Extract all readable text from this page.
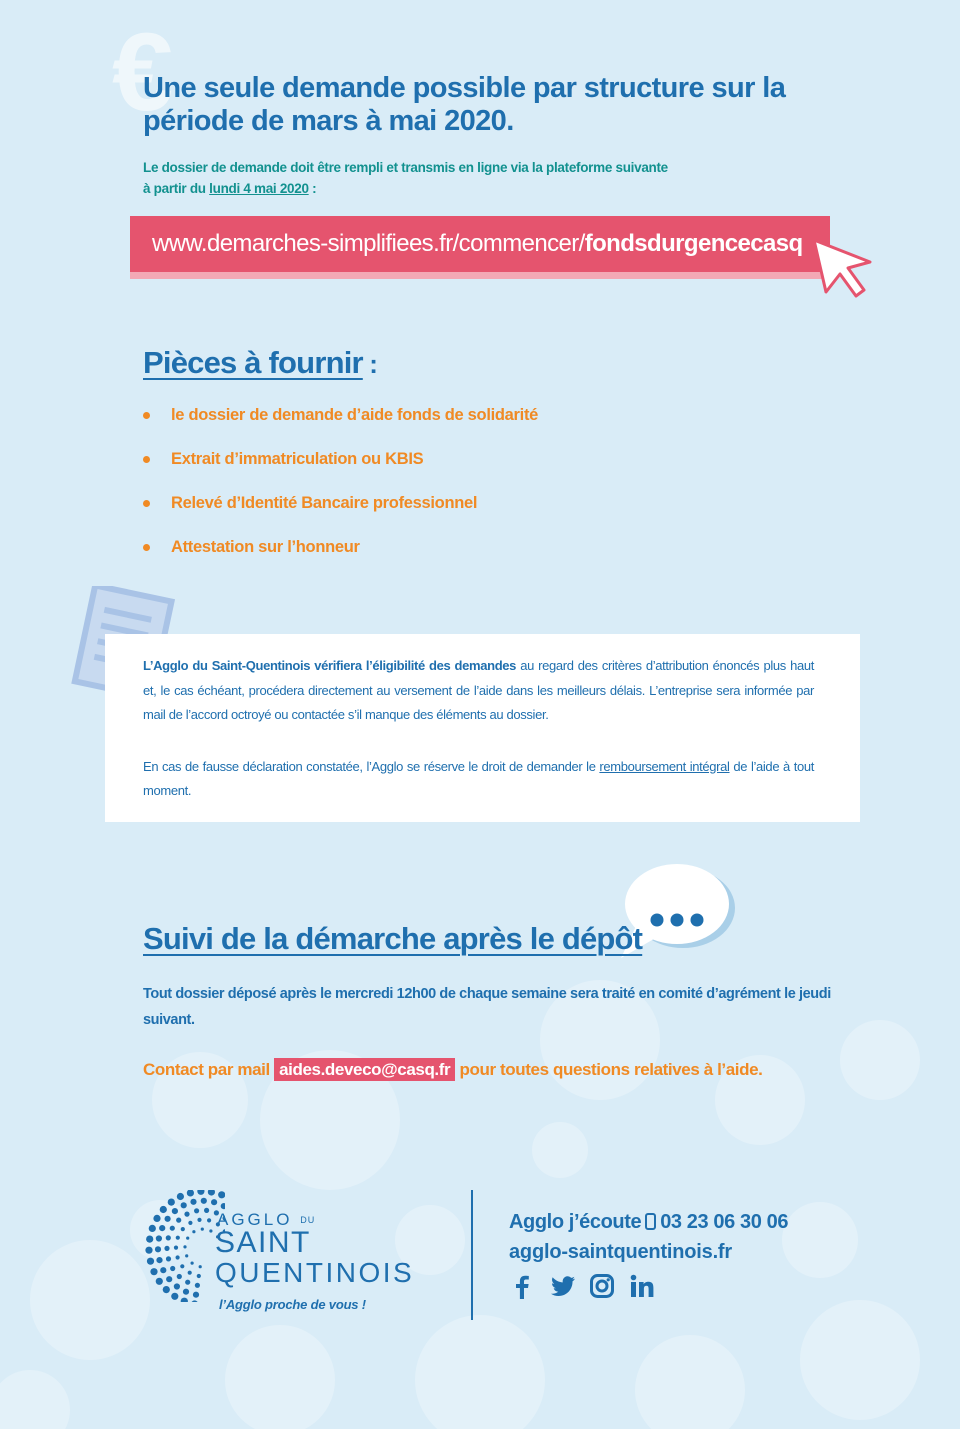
€
Une seule demande possible par structure sur la période de mars à mai 2020.

Le dossier de demande doit être rempli et transmis en ligne via la plateforme suivante
à partir du lundi 4 mai 2020 :

www.demarches-simplifiees.fr/commencer/fondsdurgencecasq
Pièces à fournir :
le dossier de demande d’aide fonds de solidarité
Extrait d’immatriculation ou KBIS
Relevé d’Identité Bancaire professionnel
Attestation sur l’honneur

L’Agglo du Saint-Quentinois vérifiera l’éligibilité des demandes au regard des critères d’attribution énoncés plus haut et, le cas échéant, procédera directement au versement de l’aide dans les meilleurs délais. L’entreprise sera informée par mail de l’accord octroyé ou contactée s’il manque des éléments au dossier.

En cas de fausse déclaration constatée, l’Agglo se réserve le droit de demander le remboursement intégral de l’aide à tout moment.

Suivi de la démarche après le dépôt

Tout dossier déposé après le mercredi 12h00 de chaque semaine sera traité en comité d’agrément le jeudi suivant.

Contact par mail aides.deveco@casq.fr pour toutes questions relatives à l’aide.

AGGLO $^{DU}$
SAINT
QUENTINOIS
l’Agglo proche de vous !
Agglo j’écoute 03 23 06 30 06
agglo-saintquentinois.fr
